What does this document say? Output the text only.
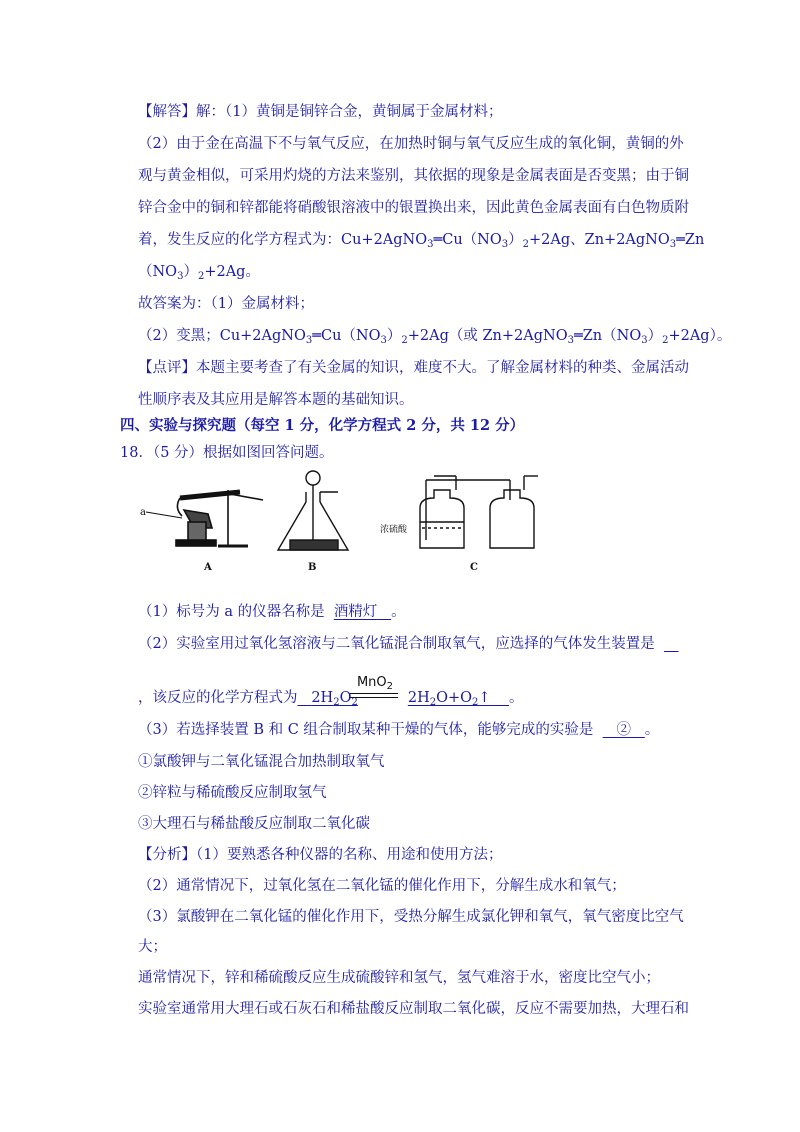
【解答】解：（1）黄铜是铜锌合金，黄铜属于金属材料；
（2）由于金在高温下不与氧气反应，在加热时铜与氧气反应生成的氧化铜，黄铜的外
观与黄金相似，可采用灼烧的方法来鉴别，其依据的现象是金属表面是否变黑；由于铜
锌合金中的铜和锌都能将硝酸银溶液中的银置换出来，因此黄色金属表面有白色物质附
着，发生反应的化学方程式为：$Cu+2AgNO_3═Cu(NO_3)_2+2Ag$、Zn+2AgNO$_3$═Zn
$(NO_3)_2+2Ag$。
故答案为：（1）金属材料；
（2）变黑；$Cu+2AgNO_3═Cu(NO_3)_2+2Ag$（或 $Zn+2AgNO_3═Zn(NO_3)_2+2Ag$）。
【点评】本题主要考查了有关金属的知识，难度不大。了解金属材料的种类、金属活动
性顺序表及其应用是解答本题的基础知识。
四、实验与探究题（每空 1 分，化学方程式 2 分，共 12 分）
18．（5 分）根据如图回答问题。
a
A	B
浓硫酸
C
（1）标号为 a 的仪器名称是 酒精灯 。
（2）实验室用过氧化氢溶液与二氧化锰混合制取氧气，应选择的气体发生装置是 __
MnO$_2$
，该反应的化学方程式为 $2H_2O_2$	$2H_2O+O_2↑$ 。
（3）若选择装置 B 和 C 组合制取某种干燥的气体，能够完成的实验是 ② 。
①氯酸钾与二氧化锰混合加热制取氧气
②锌粒与稀硫酸反应制取氢气
③大理石与稀盐酸反应制取二氧化碳
【分析】（1）要熟悉各种仪器的名称、用途和使用方法；
（2）通常情况下，过氧化氢在二氧化锰的催化作用下，分解生成水和氧气；
（3）氯酸钾在二氧化锰的催化作用下，受热分解生成氯化钾和氧气，氧气密度比空气
大；
通常情况下，锌和稀硫酸反应生成硫酸锌和氢气，氢气难溶于水，密度比空气小；
实验室通常用大理石或石灰石和稀盐酸反应制取二氧化碳，反应不需要加热，大理石和
